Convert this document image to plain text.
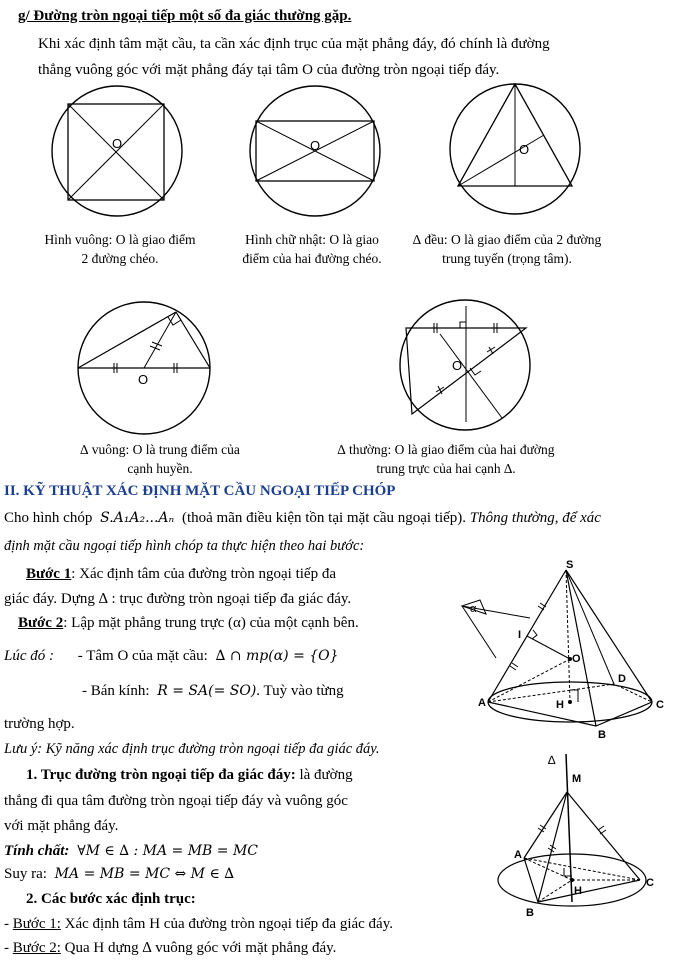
g/ Đường tròn ngoại tiếp một số đa giác thường gặp.
Khi xác định tâm mặt cầu, ta cần xác định trục của mặt phẳng đáy, đó chính là đường
thẳng vuông góc với mặt phẳng đáy tại tâm O của đường tròn ngoại tiếp đáy.
O	O	O
Hình vuông: O là giao điểm 2 đường chéo.
Hình chữ nhật: O là giao điểm của hai đường chéo.
∆ đều: O là giao điểm của 2 đường trung tuyến (trọng tâm).
O
O
∆ vuông: O là trung điểm của cạnh huyền.
∆ thường: O là giao điểm của hai đường trung trực của hai cạnh ∆.
II. KỸ THUẬT XÁC ĐỊNH MẶT CẦU NGOẠI TIẾP CHÓP
Cho hình chóp S.A₁A₂...Aₙ (thoả mãn điều kiện tồn tại mặt cầu ngoại tiếp). Thông thường, để xác
định mặt cầu ngoại tiếp hình chóp ta thực hiện theo hai bước:
Bước 1: Xác định tâm của đường tròn ngoại tiếp đa
giác đáy. Dựng ∆ : trục đường tròn ngoại tiếp đa giác đáy.
Bước 2: Lập mặt phẳng trung trực (α) của một cạnh bên.
Lúc đó : - Tâm O của mặt cầu: ∆ ∩ mp(α) = {O}
- Bán kính: R = SA(= SO). Tuỳ vào từng
trường hợp.
Lưu ý: Kỹ năng xác định trục đường tròn ngoại tiếp đa giác đáy.
1. Trục đường tròn ngoại tiếp đa giác đáy: là đường
thẳng đi qua tâm đường tròn ngoại tiếp đáy và vuông góc
với mặt phẳng đáy.
Tính chất: ∀M ∈ ∆ : MA = MB = MC
Suy ra: MA = MB = MC ⇔ M ∈ ∆
2. Các bước xác định trục:
- Bước 1: Xác định tâm H của đường tròn ngoại tiếp đa giác đáy.
- Bước 2: Qua H dựng ∆ vuông góc với mặt phẳng đáy.
S
α
I
O
D
A	H	C
B
∆
M
A
H
C
B
